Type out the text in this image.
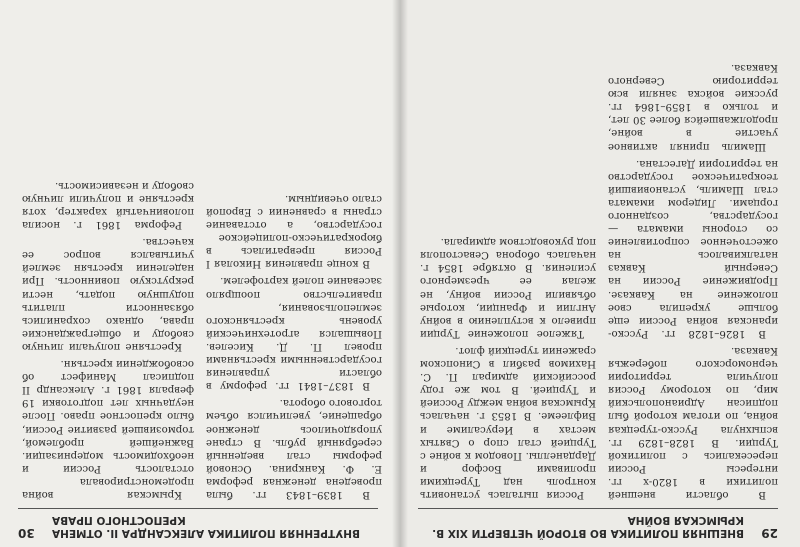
29
ВНЕШНЯЯ ПОЛИТИКА ВО ВТОРОЙ ЧЕТВЕРТИ XIX В. КРЫМСКАЯ ВОЙНА

В области внешней политики в 1820-х гг. интересы России пересекались с политикой Турции. В 1828–1829 гг. вспыхнула Русско-турецкая война, по итогам которой был подписан Адрианопольский мир, по которому Россия получила территории черноморского побережья Кавказа.

В 1826–1828 гг. Русско-иранская война России еще больше укрепила свое положение на Кавказе. Продвижение России на Северный Кавказ наталкивалось на ожесточенное сопротивление со стороны имамата — государства, созданного горцами. Лидером имамата стал Шамиль, установивший теократическое государство на территории Дагестана.

Шамиль принял активное участие в войне, продолжавшейся более 30 лет, и только в 1859–1864 гг. русские войска заняли всю территорию Северного Кавказа.

Россия пыталась установить контроль над Турецкими проливами Босфор и Дарданеллы. Поводом к войне с Турцией стал спор о Святых местах в Иерусалиме и Вифлееме. В 1853 г. началась Крымская война между Россией и Турцией. В том же году российский адмирал П. С. Нахимов разбил в Синопском сражении турецкий флот.

Тяжелое положение Турции привело к вступлению в войну Англии и Франции, которые объявили России войну, не желая ее чрезмерного усиления. В октябре 1854 г. началась оборона Севастополя под руководством адмирала.

30	ВНУТРЕННЯЯ ПОЛИТИКА АЛЕКСАНДРА II. ОТМЕНА КРЕПОСТНОГО ПРАВА

В 1839–1843 гг. была проведена денежная реформа Е. Ф. Канкрина. Основой реформы стал введенный серебряный рубль. В стране упорядочилось денежное обращение, увеличился объем торгового оборота.

В 1837–1841 гг. реформу в области управления государственными крестьянами провел П. Д. Киселев. Повышался агротехнический уровень крестьянского землепользования, правительство поощряло засевание полей картофелем.

В конце правления Николая I Россия превратилась в бюрократическо-полицейское государство, а отставание страны в сравнении с Европой стало очевидным.

Крымская война продемонстрировала отсталость России и необходимость модернизации. Важнейшей проблемой, тормозившей развитие России, было крепостное право. После неудачных лет подготовки 19 февраля 1861 г. Александр II подписал Манифест об освобождении крестьян.

Крестьяне получали личную свободу и общегражданские права, однако сохранились обязанности платить подушную подать, нести рекрутскую повинность. При наделении крестьян землей учитывался вопрос ее качества.

Реформа 1861 г. носила половинчатый характер, хотя крестьяне и получили личную свободу и независимость.
